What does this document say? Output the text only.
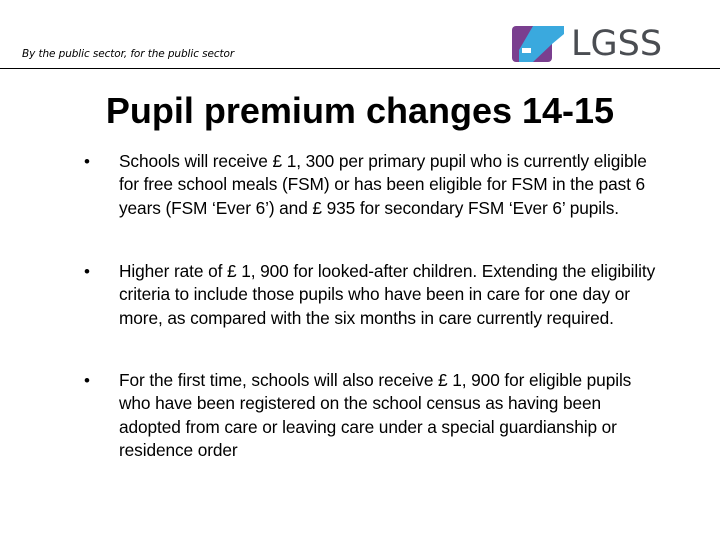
By the public sector, for the public sector	LGSS
Pupil premium changes 14-15
• Schools will receive £ 1, 300 per primary pupil who is currently eligible for free school meals (FSM) or has been eligible for FSM in the past 6 years (FSM ‘Ever 6’) and £ 935 for secondary FSM ‘Ever 6’ pupils.
• Higher rate of £ 1, 900 for looked-after children. Extending the eligibility criteria to include those pupils who have been in care for one day or more, as compared with the six months in care currently required.
• For the first time, schools will also receive £ 1, 900 for eligible pupils who have been registered on the school census as having been adopted from care or leaving care under a special guardianship or residence order
